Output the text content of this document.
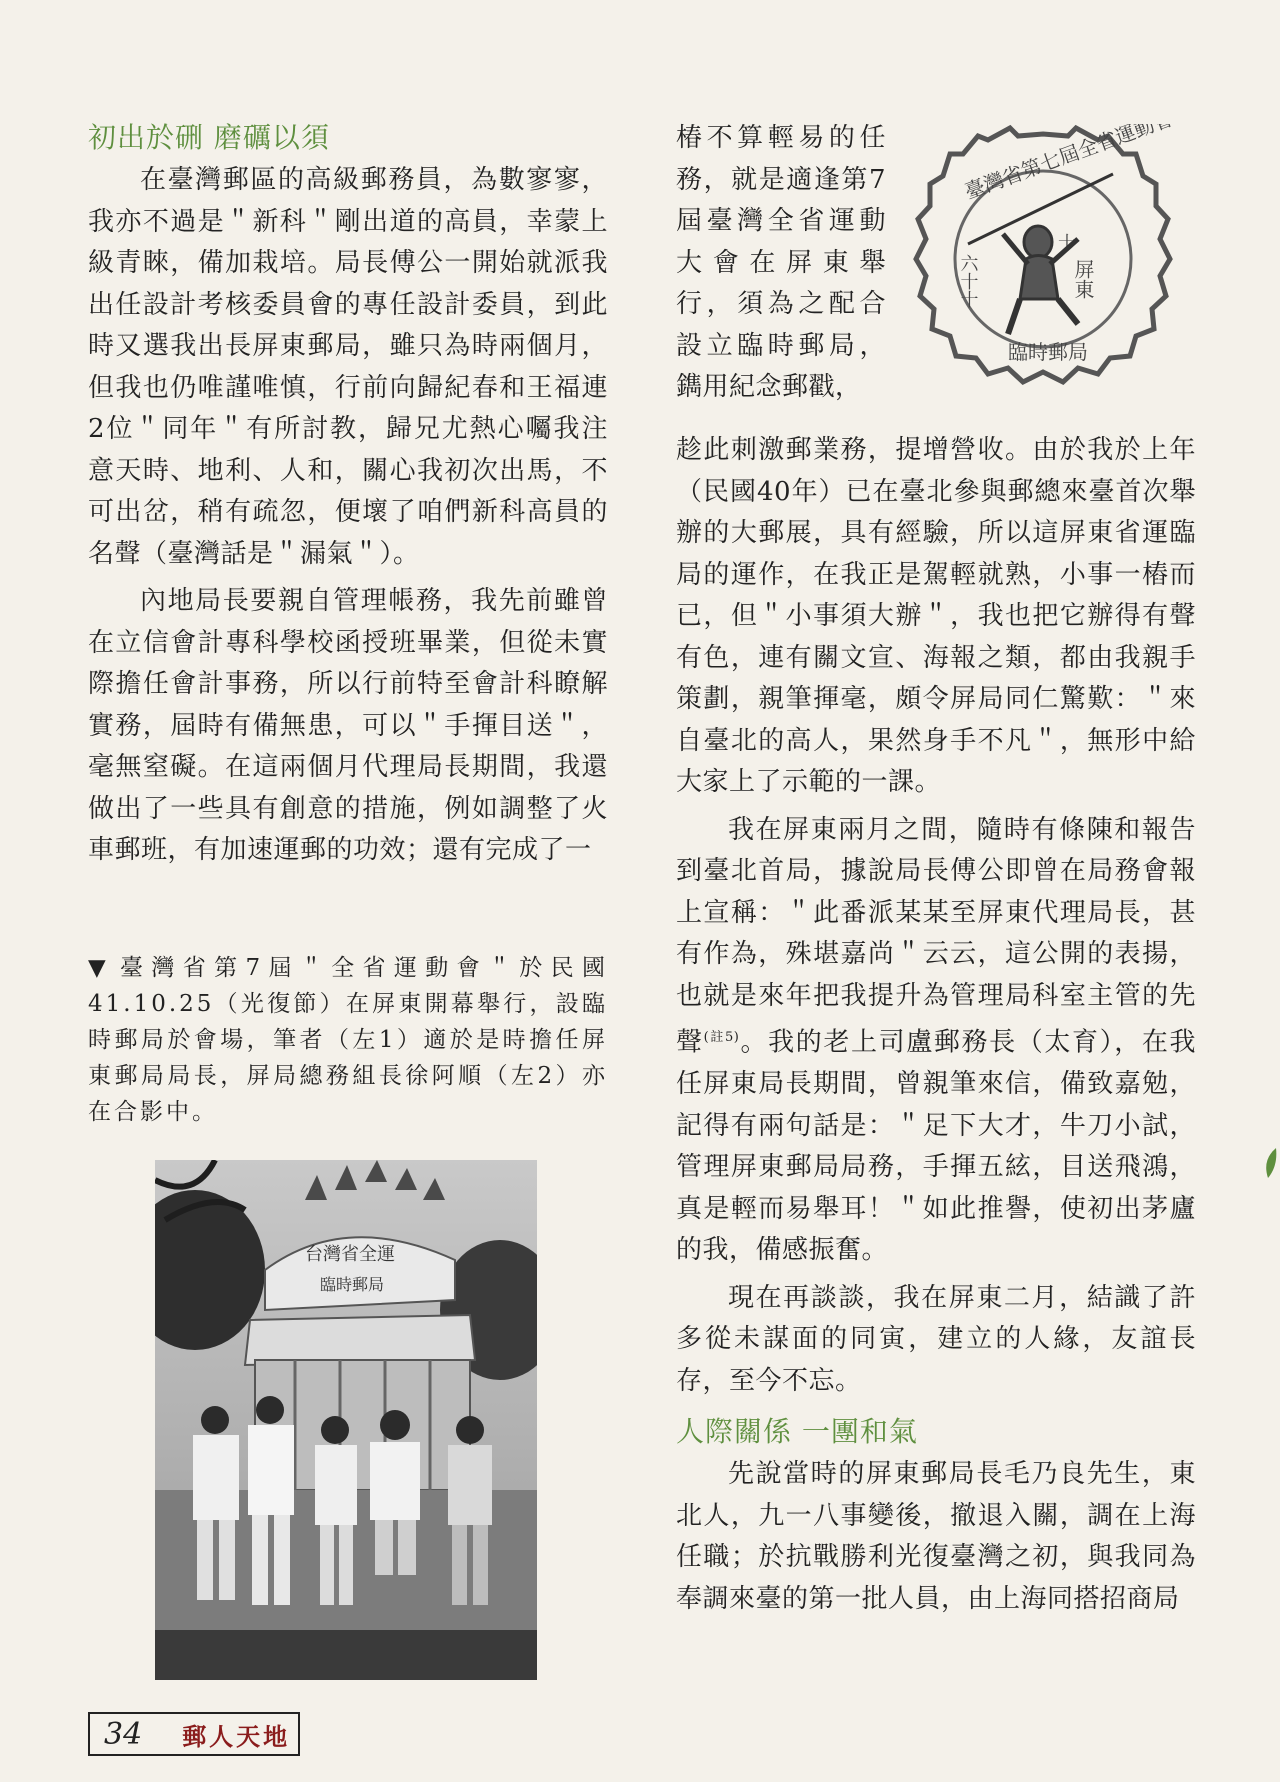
初出於硎 磨礪以須

在臺灣郵區的高級郵務員，為數寥寥，我亦不過是＂新科＂剛出道的高員，幸蒙上級青睞，備加栽培。局長傅公一開始就派我出任設計考核委員會的專任設計委員，到此時又選我出長屏東郵局，雖只為時兩個月，但我也仍唯謹唯慎，行前向歸紀春和王福連2位＂同年＂有所討教，歸兄尤熱心囑我注意天時、地利、人和，關心我初次出馬，不可出岔，稍有疏忽，便壞了咱們新科高員的名聲（臺灣話是＂漏氣＂）。

內地局長要親自管理帳務，我先前雖曾在立信會計專科學校函授班畢業，但從未實際擔任會計事務，所以行前特至會計科瞭解實務，屆時有備無患，可以＂手揮目送＂，毫無窒礙。在這兩個月代理局長期間，我還做出了一些具有創意的措施，例如調整了火車郵班，有加速運郵的功效；還有完成了一

▼ 臺灣省第7屆＂全省運動會＂於民國41.10.25（光復節）在屏東開幕舉行，設臨時郵局於會場，筆者（左1）適於是時擔任屏東郵局局長，屏局總務組長徐阿順（左2）亦在合影中。
台灣省全運
臨時郵局

椿不算輕易的任務，就是適逢第7屆臺灣全省運動大會在屏東舉行，須為之配合設立臨時郵局，鐫用紀念郵戳，

臺灣省第七屆全省運動會
臨時郵局
屏東
十
六十十

趁此刺激郵業務，提增營收。由於我於上年（民國40年）已在臺北參與郵總來臺首次舉辦的大郵展，具有經驗，所以這屏東省運臨局的運作，在我正是駕輕就熟，小事一樁而已，但＂小事須大辦＂，我也把它辦得有聲有色，連有關文宣、海報之類，都由我親手策劃，親筆揮毫，頗令屏局同仁驚歎：＂來自臺北的高人，果然身手不凡＂，無形中給大家上了示範的一課。

我在屏東兩月之間，隨時有條陳和報告到臺北首局，據說局長傅公即曾在局務會報上宣稱：＂此番派某某至屏東代理局長，甚有作為，殊堪嘉尚＂云云，這公開的表揚，也就是來年把我提升為管理局科室主管的先聲$^{(註5)}$。我的老上司盧郵務長（太育），在我任屏東局長期間，曾親筆來信，備致嘉勉，記得有兩句話是：＂足下大才，牛刀小試，管理屏東郵局局務，手揮五絃，目送飛鴻，真是輕而易舉耳！＂如此推譽，使初出茅廬的我，備感振奮。

現在再談談，我在屏東二月，結識了許多從未謀面的同寅，建立的人緣，友誼長存，至今不忘。

人際關係 一團和氣

先說當時的屏東郵局長毛乃良先生，東北人，九一八事變後，撤退入關，調在上海任職；於抗戰勝利光復臺灣之初，與我同為奉調來臺的第一批人員，由上海同搭招商局

34 郵人天地
